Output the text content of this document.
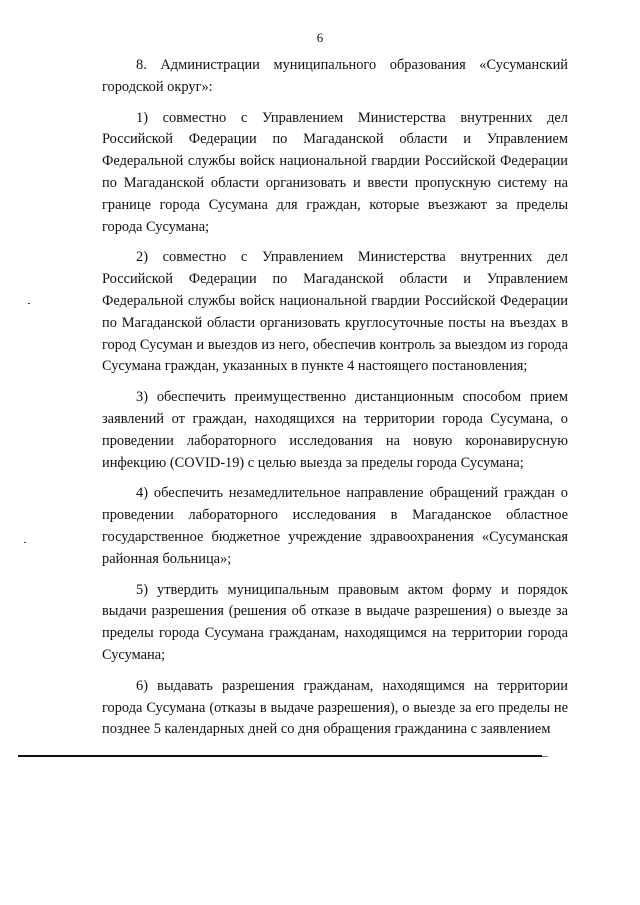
6

8. Администрации муниципального образования «Сусуманский городской округ»:

1) совместно с Управлением Министерства внутренних дел Российской Федерации по Магаданской области и Управлением Федеральной службы войск национальной гвардии Российской Федерации по Магаданской области организовать и ввести пропускную систему на границе города Сусумана для граждан, которые въезжают за пределы города Сусумана;

2) совместно с Управлением Министерства внутренних дел Российской Федерации по Магаданской области и Управлением Федеральной службы войск национальной гвардии Российской Федерации по Магаданской области организовать круглосуточные посты на въездах в город Сусуман и выездов из него, обеспечив контроль за выездом из города Сусумана граждан, указанных в пункте 4 настоящего постановления;

3) обеспечить преимущественно дистанционным способом прием заявлений от граждан, находящихся на территории города Сусумана, о проведении лабораторного исследования на новую коронавирусную инфекцию (COVID-19) с целью выезда за пределы города Сусумана;

4) обеспечить незамедлительное направление обращений граждан о проведении лабораторного исследования в Магаданское областное государственное бюджетное учреждение здравоохранения «Сусуманская районная больница»;

5) утвердить муниципальным правовым актом форму и порядок выдачи разрешения (решения об отказе в выдаче разрешения) о выезде за пределы города Сусумана гражданам, находящимся на территории города Сусумана;

6) выдавать разрешения гражданам, находящимся на территории города Сусумана (отказы в выдаче разрешения), о выезде за его пределы не позднее 5 календарных дней со дня обращения гражданина с заявлением
